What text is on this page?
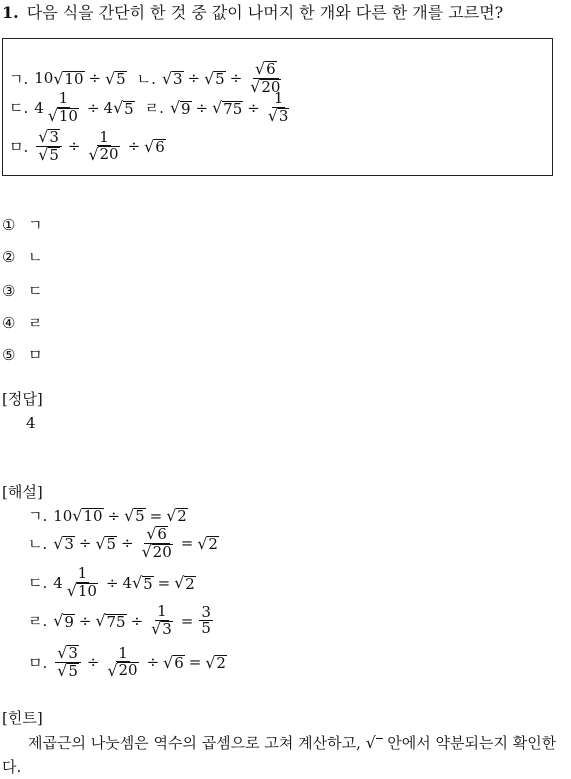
1. 다음 식을 간단히 한 것 중 값이 나머지 한 개와 다른 한 개를 고르면?
ㄱ. 10 √ 10 ÷ √ 5 ㄴ. √ 3 ÷ √ $5 \div \frac{√ 6}{√ 20}$
ㄷ. $4 \frac{1}{√ 10} \div 4$ √ 5 ㄹ. √ 9 ÷ √ $75 \div \frac{1}{√ 3}$
ㅁ. $\frac{√ 3}{√ 5} \div \frac{1}{√ 20}$ ÷ √ 6
① ㄱ
② ㄴ
③ ㄷ
④ ㄹ
⑤ ㅁ
[정답]
4
[해설]
ㄱ. 10 √ 10 ÷ √ 5 = √ 2
ㄴ. √ 3 ÷ √ $5 \div \frac{√ 6}{√ 20}$ = √ 2
ㄷ. $4 \frac{1}{√ 10} \div 4$ √ 5 = √ 2
ㄹ. √ 9 ÷ √ $75 \div \frac{1}{√ 3} = \frac{3}{5}$
ㅁ. $\frac{√ 3}{√ 5} \div \frac{1}{√ 20}$ ÷ √ 6 = √ 2
[힌트]
제곱근의 나눗셈은 역수의 곱셈으로 고쳐 계산하고, √
안에서 약분되는지 확인한다.
